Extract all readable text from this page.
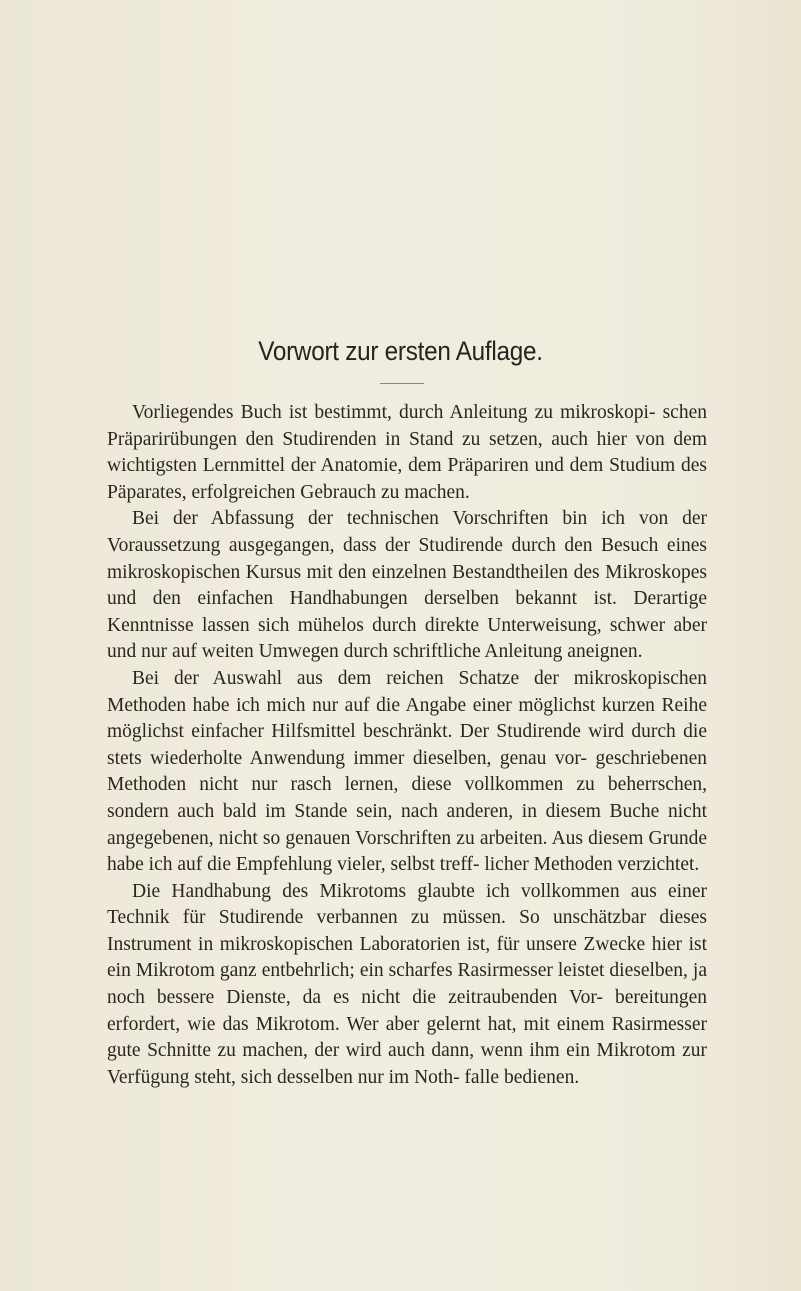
Vorwort zur ersten Auflage.

Vorliegendes Buch ist bestimmt, durch Anleitung zu mikroskopi- schen Präparirübungen den Studirenden in Stand zu setzen, auch hier von dem wichtigsten Lernmittel der Anatomie, dem Präpariren und dem Studium des Päparates, erfolgreichen Gebrauch zu machen.

Bei der Abfassung der technischen Vorschriften bin ich von der Voraussetzung ausgegangen, dass der Studirende durch den Besuch eines mikroskopischen Kursus mit den einzelnen Bestandtheilen des Mikroskopes und den einfachen Handhabungen derselben bekannt ist. Derartige Kenntnisse lassen sich mühelos durch direkte Unterweisung, schwer aber und nur auf weiten Umwegen durch schriftliche Anleitung aneignen.

Bei der Auswahl aus dem reichen Schatze der mikroskopischen Methoden habe ich mich nur auf die Angabe einer möglichst kurzen Reihe möglichst einfacher Hilfsmittel beschränkt. Der Studirende wird durch die stets wiederholte Anwendung immer dieselben, genau vor- geschriebenen Methoden nicht nur rasch lernen, diese vollkommen zu beherrschen, sondern auch bald im Stande sein, nach anderen, in diesem Buche nicht angegebenen, nicht so genauen Vorschriften zu arbeiten. Aus diesem Grunde habe ich auf die Empfehlung vieler, selbst treff- licher Methoden verzichtet.

Die Handhabung des Mikrotoms glaubte ich vollkommen aus einer Technik für Studirende verbannen zu müssen. So unschätzbar dieses Instrument in mikroskopischen Laboratorien ist, für unsere Zwecke hier ist ein Mikrotom ganz entbehrlich; ein scharfes Rasirmesser leistet dieselben, ja noch bessere Dienste, da es nicht die zeitraubenden Vor- bereitungen erfordert, wie das Mikrotom. Wer aber gelernt hat, mit einem Rasirmesser gute Schnitte zu machen, der wird auch dann, wenn ihm ein Mikrotom zur Verfügung steht, sich desselben nur im Noth- falle bedienen.
